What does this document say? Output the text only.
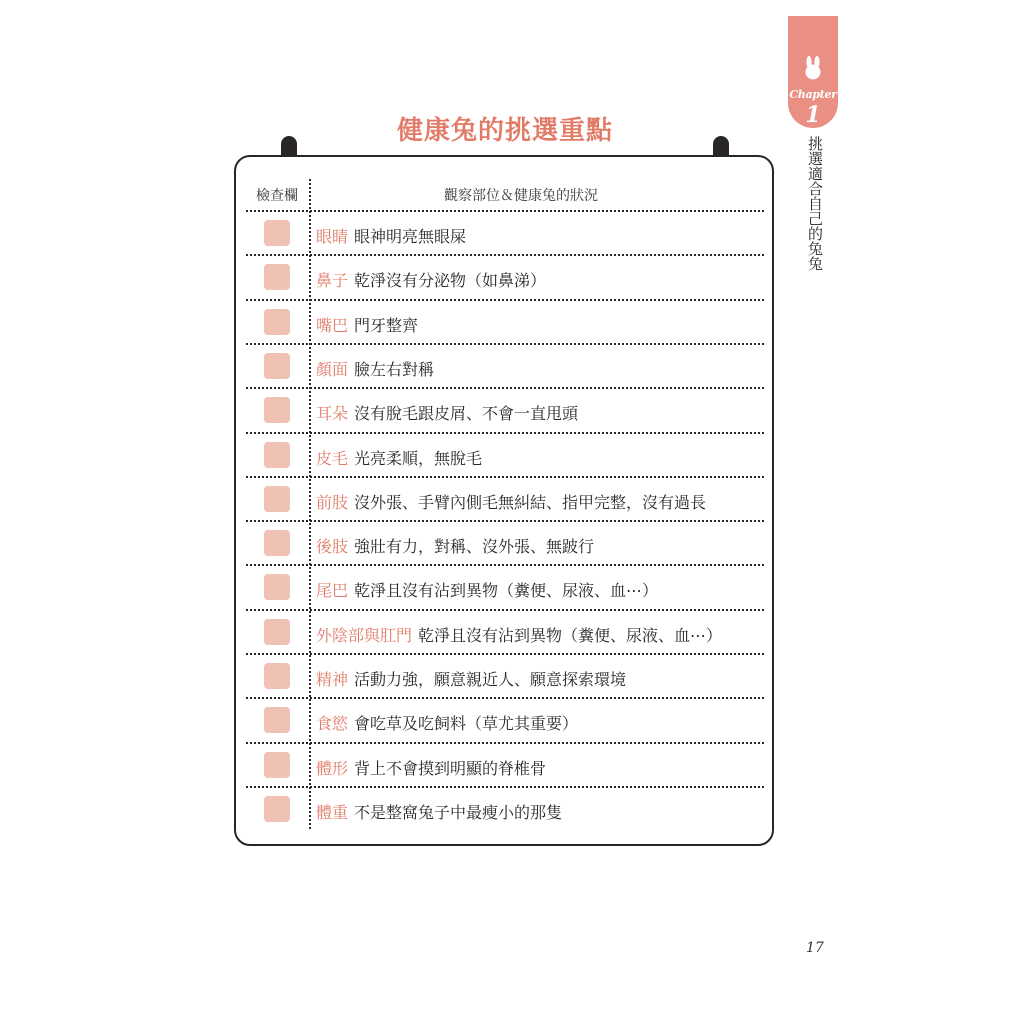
Chapter
1
挑選適合自己的兔兔
健康兔的挑選重點
檢查欄	觀察部位＆健康兔的狀況
眼睛 眼神明亮無眼屎
鼻子 乾淨沒有分泌物（如鼻涕）
嘴巴 門牙整齊
顏面 臉左右對稱
耳朵 沒有脫毛跟皮屑、不會一直甩頭
皮毛 光亮柔順，無脫毛
前肢 沒外張、手臂內側毛無糾結、指甲完整，沒有過長
後肢 強壯有力，對稱、沒外張、無跛行
尾巴 乾淨且沒有沾到異物（糞便、尿液、血⋯）
外陰部與肛門 乾淨且沒有沾到異物（糞便、尿液、血⋯）
精神 活動力強，願意親近人、願意探索環境
食慾 會吃草及吃飼料（草尤其重要）
體形 背上不會摸到明顯的脊椎骨
體重 不是整窩兔子中最瘦小的那隻
17
